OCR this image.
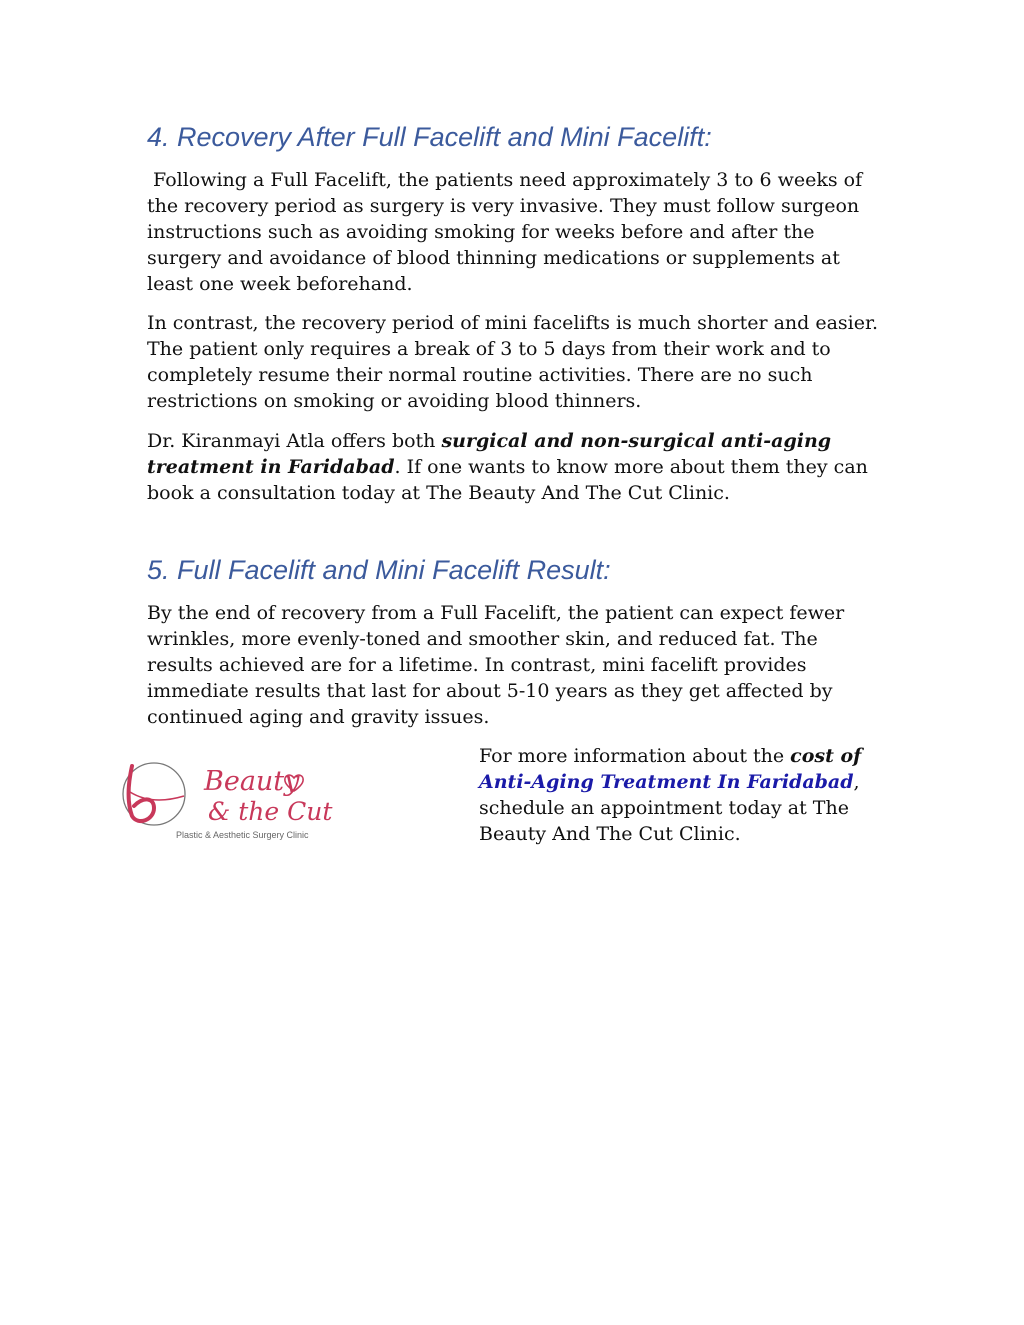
4. Recovery After Full Facelift and Mini Facelift:

Following a Full Facelift, the patients need approximately 3 to 6 weeks of the recovery period as surgery is very invasive. They must follow surgeon instructions such as avoiding smoking for weeks before and after the surgery and avoidance of blood thinning medications or supplements at least one week beforehand.

In contrast, the recovery period of mini facelifts is much shorter and easier. The patient only requires a break of 3 to 5 days from their work and to completely resume their normal routine activities. There are no such restrictions on smoking or avoiding blood thinners.

Dr. Kiranmayi Atla offers both surgical and non-surgical anti-aging treatment in Faridabad. If one wants to know more about them they can book a consultation today at The Beauty And The Cut Clinic.

5. Full Facelift and Mini Facelift Result:

By the end of recovery from a Full Facelift, the patient can expect fewer wrinkles, more evenly-toned and smoother skin, and reduced fat. The results achieved are for a lifetime. In contrast, mini facelift provides immediate results that last for about 5-10 years as they get affected by continued aging and gravity issues.

Beauty
& the Cut
Plastic & Aesthetic Surgery Clinic

For more information about the cost of Anti-Aging Treatment In Faridabad, schedule an appointment today at The Beauty And The Cut Clinic.
